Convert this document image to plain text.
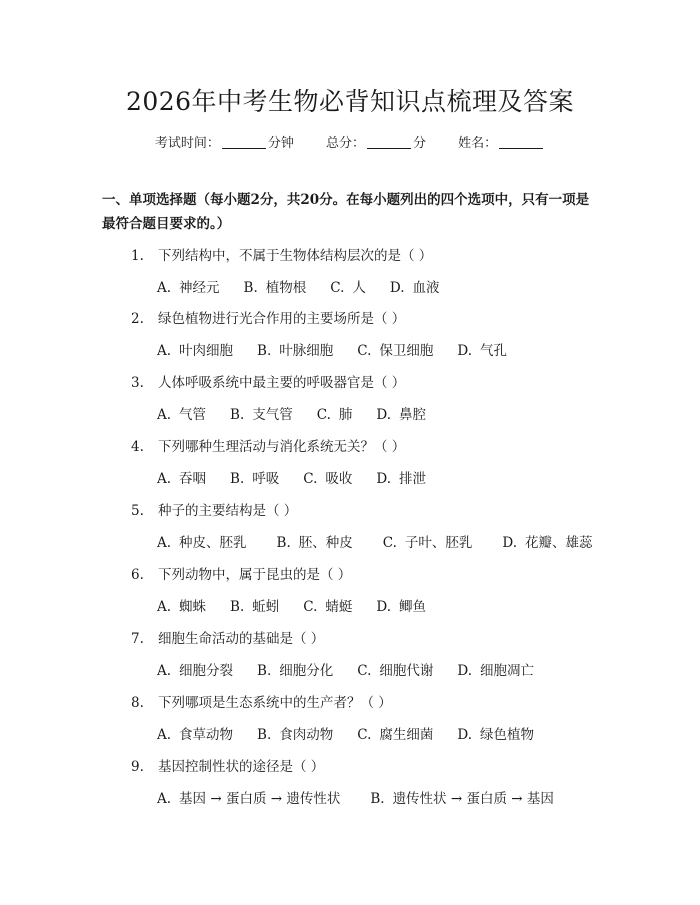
2026年中考生物必背知识点梳理及答案
考试时间：	分钟 总分：	分 姓名：
一、单项选择题（每小题2分，共20分。在每小题列出的四个选项中，只有一项是最符合题目要求的。）
1. 下列结构中，不属于生物体结构层次的是（ ）
A. 神经元 B. 植物根 C. 人 D. 血液
2. 绿色植物进行光合作用的主要场所是（ ）
A. 叶肉细胞 B. 叶脉细胞 C. 保卫细胞 D. 气孔
3. 人体呼吸系统中最主要的呼吸器官是（ ）
A. 气管 B. 支气管 C. 肺 D. 鼻腔
4. 下列哪种生理活动与消化系统无关？（ ）
A. 吞咽 B. 呼吸 C. 吸收 D. 排泄
5. 种子的主要结构是（ ）
A. 种皮、胚乳 B. 胚、种皮 C. 子叶、胚乳 D. 花瓣、雄蕊
6. 下列动物中，属于昆虫的是（ ）
A. 蜘蛛 B. 蚯蚓 C. 蜻蜓 D. 鲫鱼
7. 细胞生命活动的基础是（ ）
A. 细胞分裂 B. 细胞分化 C. 细胞代谢 D. 细胞凋亡
8. 下列哪项是生态系统中的生产者？（ ）
A. 食草动物 B. 食肉动物 C. 腐生细菌 D. 绿色植物
9. 基因控制性状的途径是（ ）
A. 基因 → 蛋白质 → 遗传性状 B. 遗传性状 → 蛋白质 → 基因
